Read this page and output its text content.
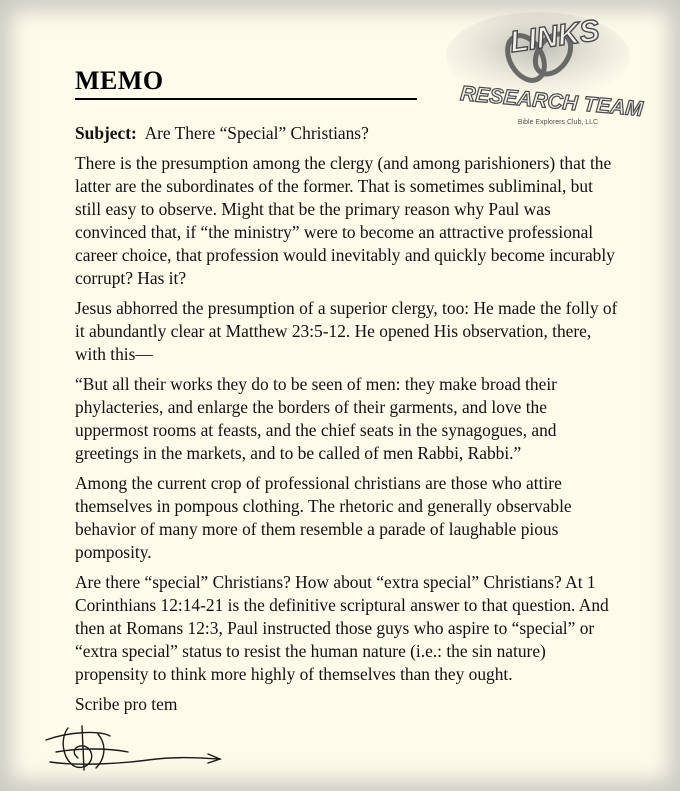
LINKS
RESEARCH TEAM
Bible Explorers Club, LLC
MEMO

Subject: Are There “Special” Christians?

There is the presumption among the clergy (and among parishioners) that the latter are the subordinates of the former. That is sometimes subliminal, but still easy to observe. Might that be the primary reason why Paul was convinced that, if “the ministry” were to become an attractive professional career choice, that profession would inevitably and quickly become incurably corrupt? Has it?

Jesus abhorred the presumption of a superior clergy, too: He made the folly of it abundantly clear at Matthew 23:5-12. He opened His observation, there, with this—

“But all their works they do to be seen of men: they make broad their phylacteries, and enlarge the borders of their garments, and love the uppermost rooms at feasts, and the chief seats in the synagogues, and greetings in the markets, and to be called of men Rabbi, Rabbi.”

Among the current crop of professional christians are those who attire themselves in pompous clothing. The rhetoric and generally observable behavior of many more of them resemble a parade of laughable pious pomposity.

Are there “special” Christians? How about “extra special” Christians? At 1 Corinthians 12:14-21 is the definitive scriptural answer to that question. And then at Romans 12:3, Paul instructed those guys who aspire to “special” or “extra special” status to resist the human nature (i.e.: the sin nature) propensity to think more highly of themselves than they ought.

Scribe pro tem
